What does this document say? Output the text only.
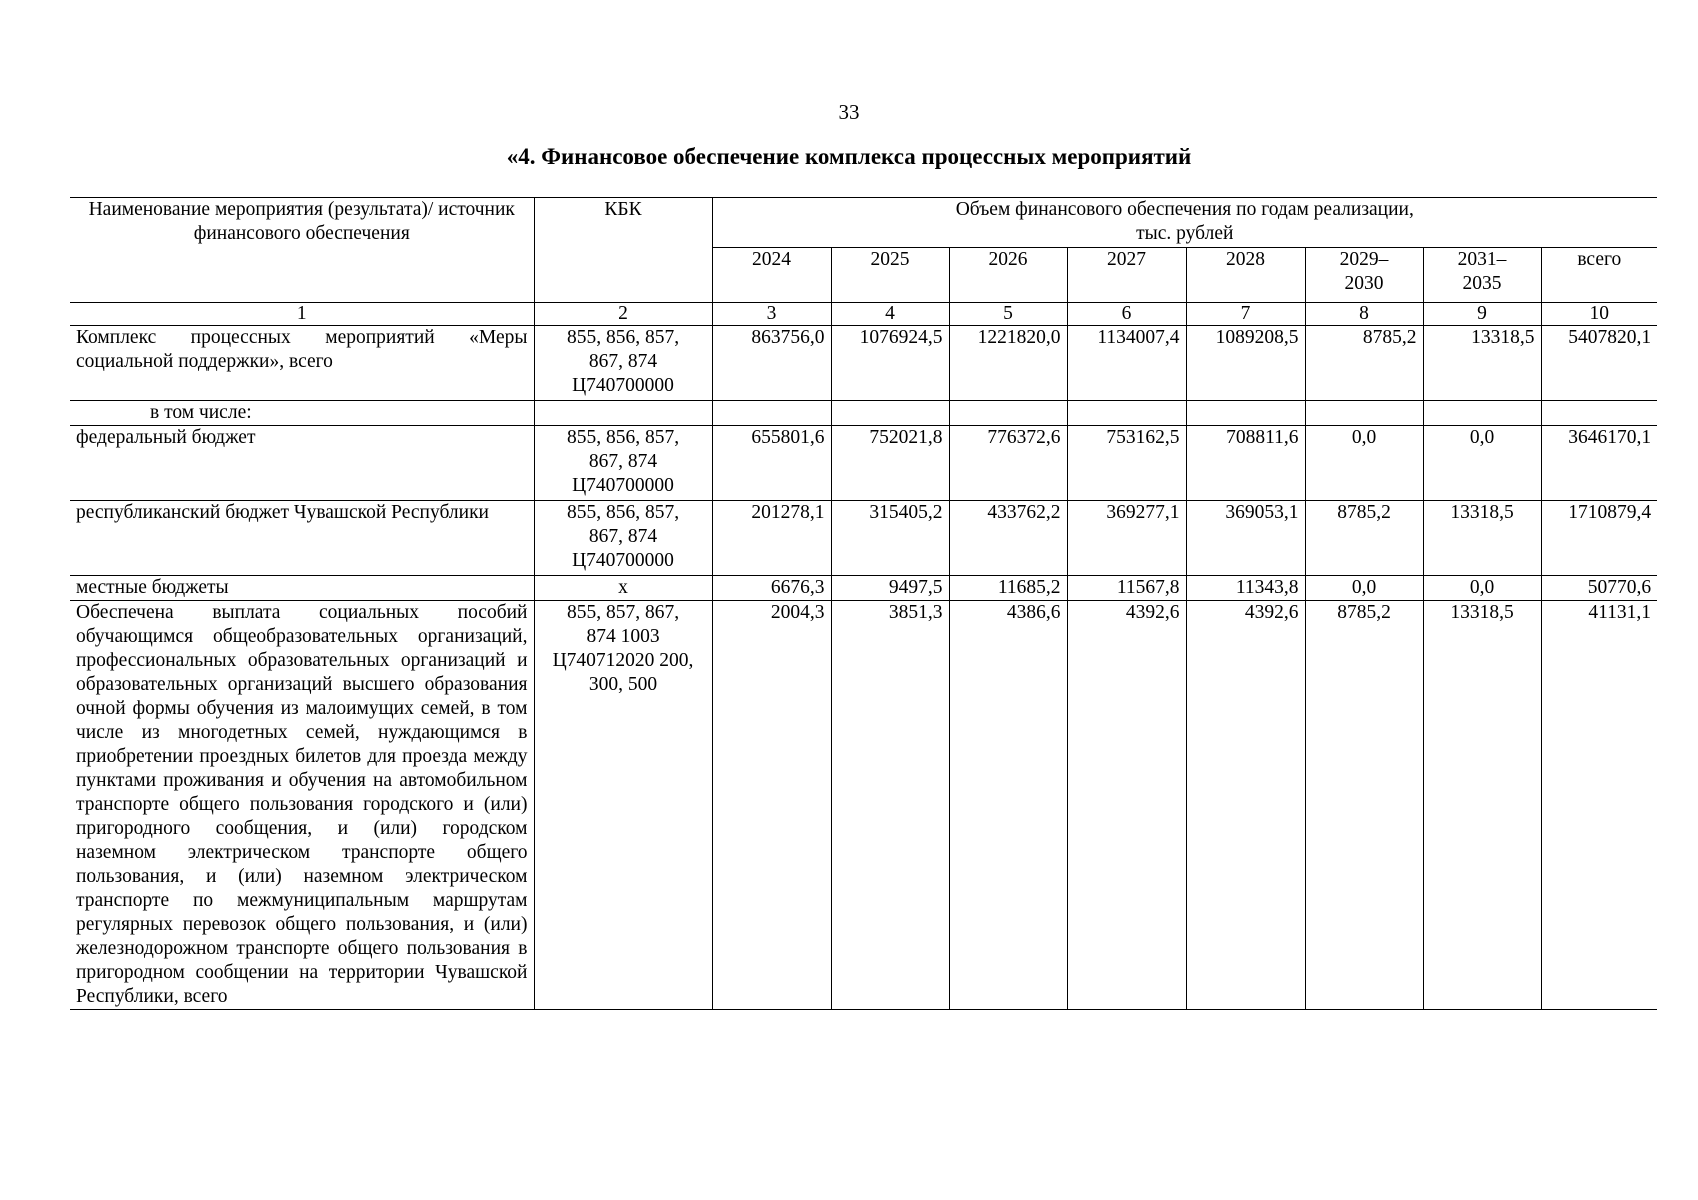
33
«4. Финансовое обеспечение комплекса процессных мероприятий
Наименование мероприятия (результата)/ источник финансового обеспечения	КБК	Объем финансового обеспечения по годам реализации, тыс. рублей							
		2024	2025	2026	2027	2028	2029–2030	2031–2035	всего
1	2	3	4	5	6	7	8	9	10
Комплекс процессных мероприятий «Меры социальной поддержки», всего	855, 856, 857, 867, 874 Ц740700000	863756,0	1076924,5	1221820,0	1134007,4	1089208,5	8785,2	13318,5	5407820,1
в том числе:									
федеральный бюджет	855, 856, 857, 867, 874 Ц740700000	655801,6	752021,8	776372,6	753162,5	708811,6	0,0	0,0	3646170,1
республиканский бюджет Чувашской Республики	855, 856, 857, 867, 874 Ц740700000	201278,1	315405,2	433762,2	369277,1	369053,1	8785,2	13318,5	1710879,4
местные бюджеты	x	6676,3	9497,5	11685,2	11567,8	11343,8	0,0	0,0	50770,6
Обеспечена выплата социальных пособий обучающимся общеобразовательных организаций, профессиональных образовательных организаций и образовательных организаций высшего образования очной формы обучения из малоимущих семей, в том числе из многодетных семей, нуждающимся в приобретении проездных билетов для проезда между пунктами проживания и обучения на автомобильном транспорте общего пользования городского и (или) пригородного сообщения, и (или) городском наземном электрическом транспорте общего пользования, и (или) наземном электрическом транспорте по межмуниципальным маршрутам регулярных перевозок общего пользования, и (или) железнодорожном транспорте общего пользования в пригородном сообщении на территории Чувашской Республики, всего	855, 857, 867, 874 1003 Ц740712020 200, 300, 500	2004,3	3851,3	4386,6	4392,6	4392,6	8785,2	13318,5	41131,1
